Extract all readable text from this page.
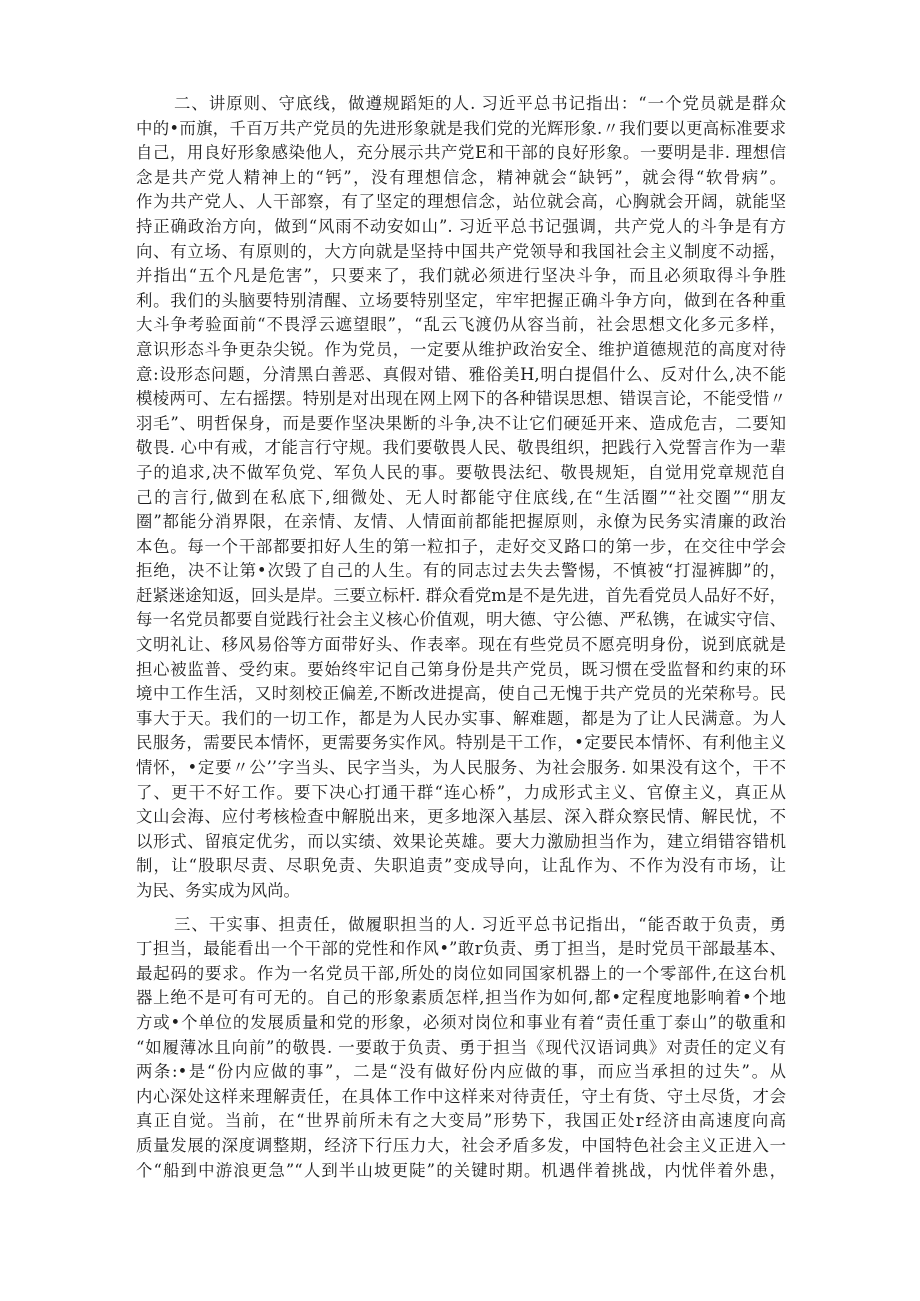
二、讲原则、守底线，做遵规蹈矩的人. 习近平总书记指出：“一个党员就是群众
中的•而旗，千百万共产党员的先进形象就是我们党的光辉形象.〃我们要以更高标准要求
自己，用良好形象感染他人，充分展示共产党E和干部的良好形象。一要明是非. 理想信
念是共产党人精神上的“钙”，没有理想信念，精神就会“缺钙”，就会得“软骨病”。
作为共产党人、人干部察，有了坚定的理想信念，站位就会高，心胸就会开阔，就能坚
持正确政治方向，做到“风雨不动安如山”. 习近平总书记强调，共产党人的斗争是有方
向、有立场、有原则的，大方向就是坚持中国共产党领导和我国社会主义制度不动摇，
并指出“五个凡是危害”，只要来了，我们就必须进行坚决斗争，而且必须取得斗争胜
利。我们的头脑要特别清醒、立场要特别坚定，牢牢把握正确斗争方向，做到在各种重
大斗争考验面前“不畏浮云遮望眼”，“乱云飞渡仍从容当前，社会思想文化多元多样，
意识形态斗争更杂尖锐。作为党员，一定要从维护政治安全、维护道德规范的高度对待
意:设形态问题，分清黑白善恶、真假对错、雅俗美H,明白提倡什么、反对什么,决不能
模棱两可、左右摇摆。特别是对出现在网上网下的各种错误思想、错误言论，不能受惜〃
羽毛”、明哲保身，而是要作坚决果断的斗争,决不让它们硬延开来、造成危吉，二要知
敬畏. 心中有戒，才能言行守规。我们要敬畏人民、敬畏组织，把践行入党誓言作为一辈
子的追求,决不做军负党、军负人民的事。要敬畏法纪、敬畏规矩，自觉用党章规范自
己的言行,做到在私底下,细微处、无人时都能守住底线,在“生活圈”“社交圈”“朋友
圈”都能分消界限，在亲情、友情、人情面前都能把握原则，永僚为民务实清廉的政治
本色。每一个干部都要扣好人生的第一粒扣子，走好交叉路口的第一步，在交往中学会
拒绝，决不让第•次毁了自己的人生。有的同志过去失去警惕，不慎被“打湿裤脚”的，
赶紧迷途知返，回头是岸。三要立标杆. 群众看党m是不是先进，首先看党员人品好不好，
每一名党员都要自觉践行社会主义核心价值观，明大德、守公德、严私镌，在诚实守信、
文明礼让、移风易俗等方面带好头、作表率。现在有些党员不愿亮明身份，说到底就是
担心被监普、受约束。要始终牢记自己第身份是共产党员，既习惯在受监督和约束的环
境中工作生活，又时刻校正偏差,不断改进提高，使自己无愧于共产党员的光荣称号。民
事大于天。我们的一切工作，都是为人民办实事、解难题，都是为了让人民满意。为人
民服务，需要民本情怀，更需要务实作风。特别是干工作，•定要民本情怀、有利他主义
情怀，•定要〃公’’字当头、民字当头，为人民服务、为社会服务. 如果没有这个，干不
了、更干不好工作。要下决心打通干群“连心桥”，力成形式主义、官僚主义，真正从
文山会海、应付考核检查中解脱出来，更多地深入基层、深入群众察民情、解民忧，不
以形式、留痕定优劣，而以实绩、效果论英雄。要大力激励担当作为，建立绢错容错机
制，让“股职尽责、尽职免责、失职追责”变成导向，让乱作为、不作为没有市场，让
为民、务实成为风尚。
三、干实事、担责任，做履职担当的人. 习近平总书记指出，“能否敢于负责，勇
丁担当，最能看出一个干部的党性和作风•”敢r负责、勇丁担当，是时党员干部最基本、
最起码的要求。作为一名党员干部,所处的岗位如同国家机器上的一个零部件,在这台机
器上绝不是可有可无的。自己的形象素质怎样,担当作为如何,都•定程度地影响着•个地
方或•个单位的发展质量和党的形象，必须对岗位和事业有着“责任重丁泰山”的敬重和
“如履薄冰且向前”的敬畏. 一要敢于负责、勇于担当《现代汉语词典》对责任的定义有
两条:•是“份内应做的事”，二是“没有做好份内应做的事，而应当承担的过失”。从
内心深处这样来理解责任，在具体工作中这样来对待责任，守土有货、守土尽货，才会
真正自觉。当前，在“世界前所未有之大变局”形势下，我国正处r经济由高速度向高
质量发展的深度调整期，经济下行压力大，社会矛盾多发，中国特色社会主义正进入一
个“船到中游浪更急”“人到半山坡更陡”的关键时期。机遇伴着挑战，内忧伴着外患，
